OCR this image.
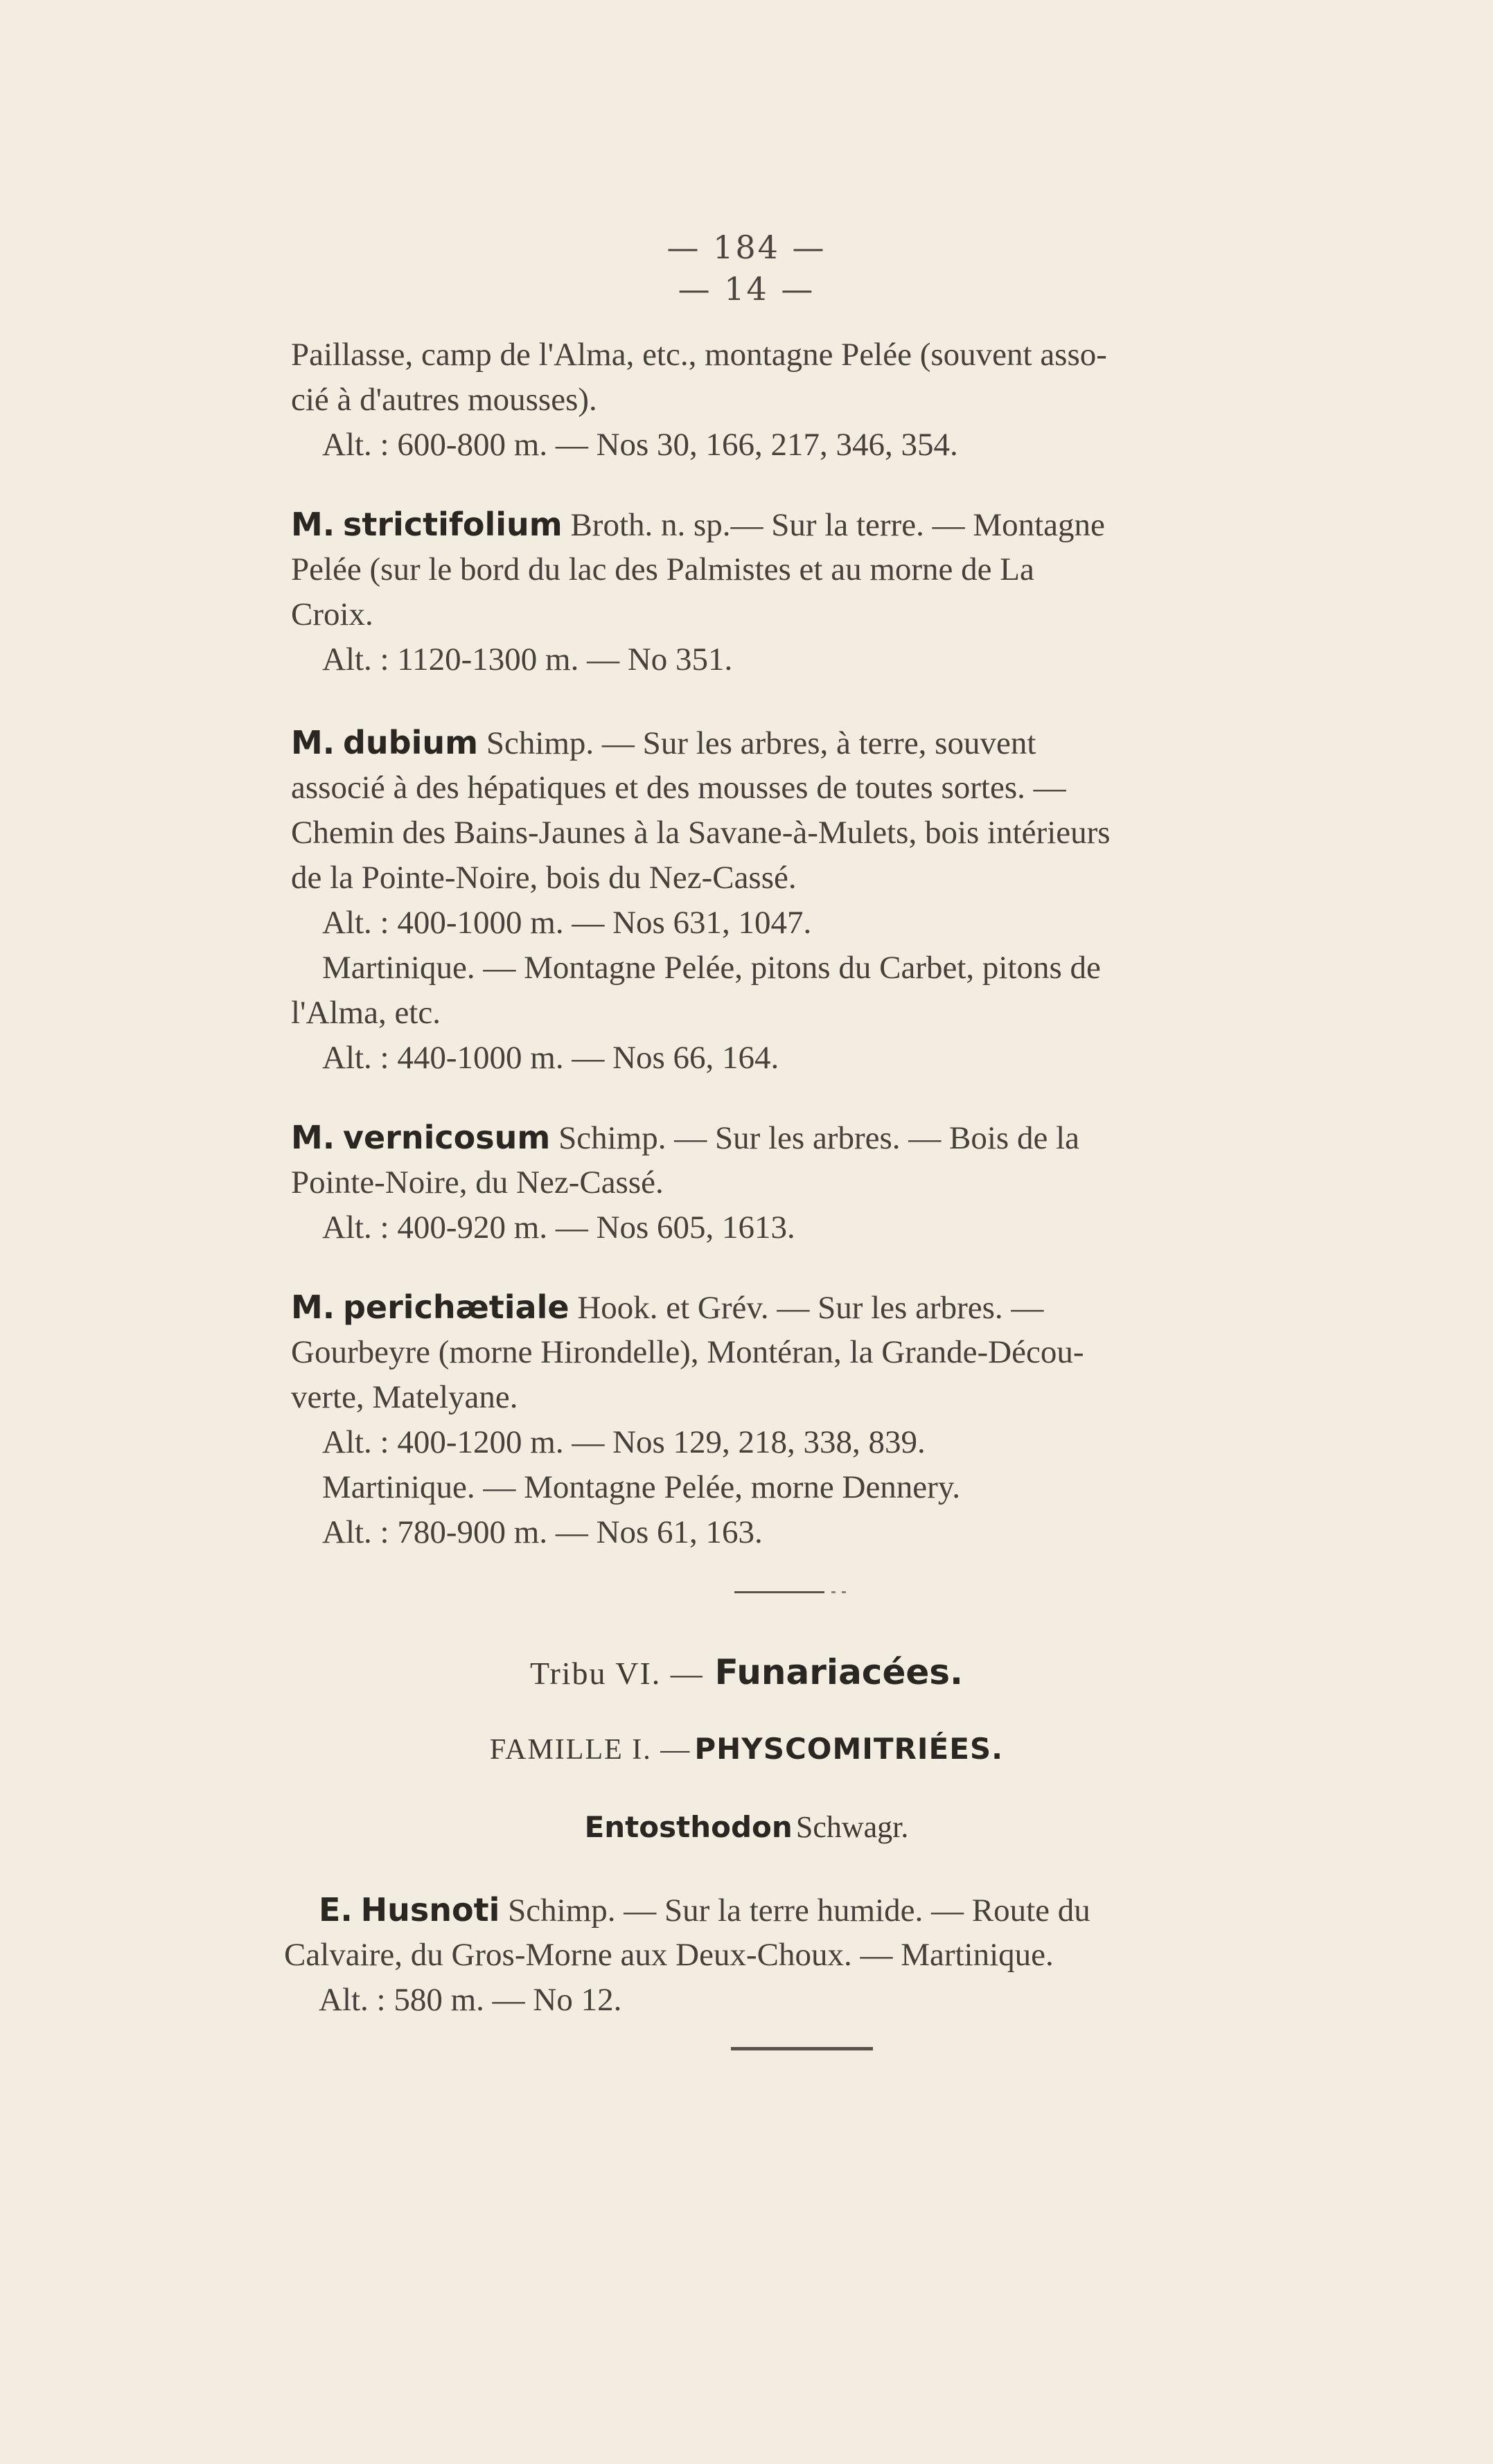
— 184 —
— 14 —
Paillasse, camp de l'Alma, etc., montagne Pelée (souvent asso-
cié à d'autres mousses).
Alt. : 600-800 m. — Nos 30, 166, 217, 346, 354.
M. strictifolium Broth. n. sp.— Sur la terre. — Montagne
Pelée (sur le bord du lac des Palmistes et au morne de La
Croix.
Alt. : 1120-1300 m. — No 351.
M. dubium Schimp. — Sur les arbres, à terre, souvent
associé à des hépatiques et des mousses de toutes sortes. —
Chemin des Bains-Jaunes à la Savane-à-Mulets, bois intérieurs
de la Pointe-Noire, bois du Nez-Cassé.
Alt. : 400-1000 m. — Nos 631, 1047.
Martinique. — Montagne Pelée, pitons du Carbet, pitons de
l'Alma, etc.
Alt. : 440-1000 m. — Nos 66, 164.
M. vernicosum Schimp. — Sur les arbres. — Bois de la
Pointe-Noire, du Nez-Cassé.
Alt. : 400-920 m. — Nos 605, 1613.
M. perichætiale Hook. et Grév. — Sur les arbres. —
Gourbeyre (morne Hirondelle), Montéran, la Grande-Décou-
verte, Matelyane.
Alt. : 400-1200 m. — Nos 129, 218, 338, 839.
Martinique. — Montagne Pelée, morne Dennery.
Alt. : 780-900 m. — Nos 61, 163.
Tribu VI. — Funariacées.
FAMILLE I. — PHYSCOMITRIÉES.
Entosthodon Schwagr.
E. Husnoti Schimp. — Sur la terre humide. — Route du
Calvaire, du Gros-Morne aux Deux-Choux. — Martinique.
Alt. : 580 m. — No 12.
